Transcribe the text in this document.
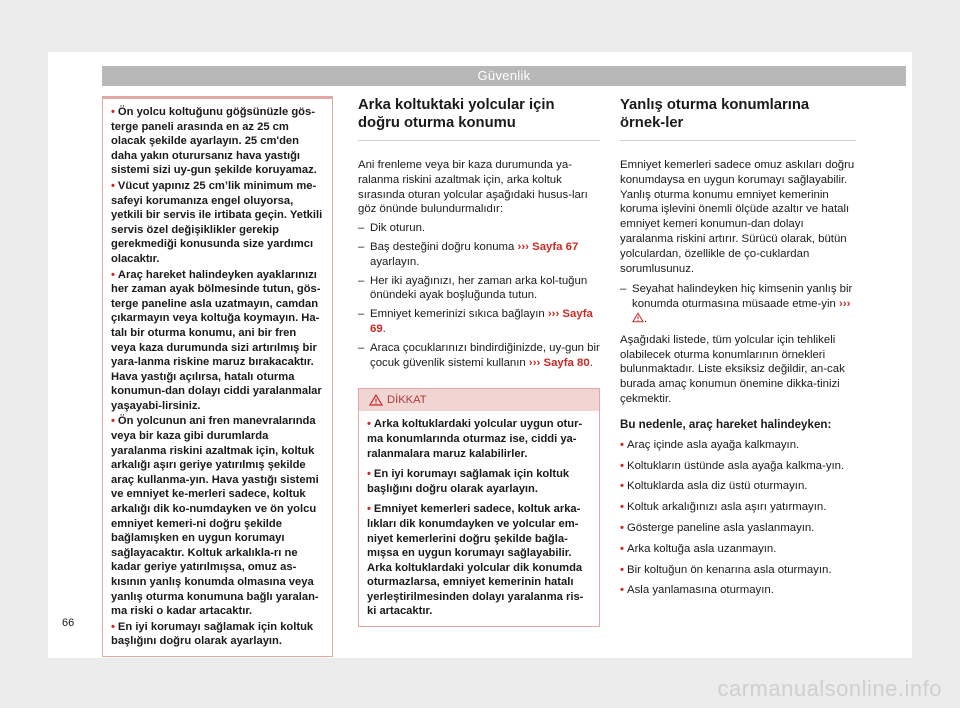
Güvenlik
• Ön yolcu koltuğunu göğsünüzle gös-terge paneli arasında en az 25 cm olacak şekilde ayarlayın. 25 cm'den daha yakın oturursanız hava yastığı sistemi sizi uy-gun şekilde koruyamaz.
• Vücut yapınız 25 cm’lik minimum me-safeyi korumanıza engel oluyorsa, yetkili bir servis ile irtibata geçin. Yetkili servis özel değişiklikler gerekip gerekmediği konusunda size yardımcı olacaktır.
• Araç hareket halindeyken ayaklarınızı her zaman ayak bölmesinde tutun, gös-terge paneline asla uzatmayın, camdan çıkarmayın veya koltuğa koymayın. Ha-talı bir oturma konumu, ani bir fren veya kaza durumunda sizi artırılmış bir yara-lanma riskine maruz bırakacaktır. Hava yastığı açılırsa, hatalı oturma konumun-dan dolayı ciddi yaralanmalar yaşayabi-lirsiniz.
• Ön yolcunun ani fren manevralarında veya bir kaza gibi durumlarda yaralanma riskini azaltmak için, koltuk arkalığı aşırı geriye yatırılmış şekilde araç kullanma-yın. Hava yastığı sistemi ve emniyet ke-merleri sadece, koltuk arkalığı dik ko-numdayken ve ön yolcu emniyet kemeri-ni doğru şekilde bağlamışken en uygun korumayı sağlayacaktır. Koltuk arkalıkla-rı ne kadar geriye yatırılmışsa, omuz as-kısının yanlış konumda olmasına veya yanlış oturma konumuna bağlı yaralan-ma riski o kadar artacaktır.
• En iyi korumayı sağlamak için koltuk başlığını doğru olarak ayarlayın.
Arka koltuktaki yolcular için doğru oturma konumu
Ani frenleme veya bir kaza durumunda ya-ralanma riskini azaltmak için, arka koltuk sırasında oturan yolcular aşağıdaki husus-ları göz önünde bulundurmalıdır:
– Dik oturun.
– Baş desteğini doğru konuma ››› Sayfa 67 ayarlayın.
– Her iki ayağınızı, her zaman arka kol-tuğun önündeki ayak boşluğunda tutun.
– Emniyet kemerinizi sıkıca bağlayın ››› Sayfa 69.
– Araca çocuklarınızı bindirdiğinizde, uy-gun bir çocuk güvenlik sistemi kullanın ››› Sayfa 80.
DİKKAT
• Arka koltuklardaki yolcular uygun otur-ma konumlarında oturmaz ise, ciddi ya-ralanmalara maruz kalabilirler.
• En iyi korumayı sağlamak için koltuk başlığını doğru olarak ayarlayın.
• Emniyet kemerleri sadece, koltuk arka-lıkları dik konumdayken ve yolcular em-niyet kemerlerini doğru şekilde bağla-mışsa en uygun korumayı sağlayabilir. Arka koltuklardaki yolcular dik konumda oturmazlarsa, emniyet kemerinin hatalı yerleştirilmesinden dolayı yaralanma ris-ki artacaktır.
Yanlış oturma konumlarına örnek-ler
Emniyet kemerleri sadece omuz askıları doğru konumdaysa en uygun korumayı sağlayabilir. Yanlış oturma konumu emniyet kemerinin koruma işlevini önemli ölçüde azaltır ve hatalı emniyet kemeri konumun-dan dolayı yaralanma riskini artırır. Sürücü olarak, bütün yolculardan, özellikle de ço-cuklardan sorumlusunuz.
– Seyahat halindeyken hiç kimsenin yanlış bir konumda oturmasına müsaade etme-yin ››› .
Aşağıdaki listede, tüm yolcular için tehlikeli olabilecek oturma konumlarının örnekleri bulunmaktadır. Liste eksiksiz değildir, an-cak burada amaç konumun önemine dikka-tinizi çekmektir.
Bu nedenle, araç hareket halindeyken:
• Araç içinde asla ayağa kalkmayın.
• Koltukların üstünde asla ayağa kalkma-yın.
• Koltuklarda asla diz üstü oturmayın.
• Koltuk arkalığınızı asla aşırı yatırmayın.
• Gösterge paneline asla yaslanmayın.
• Arka koltuğa asla uzanmayın.
• Bir koltuğun ön kenarına asla oturmayın.
• Asla yanlamasına oturmayın.
66
carmanualsonline.info
